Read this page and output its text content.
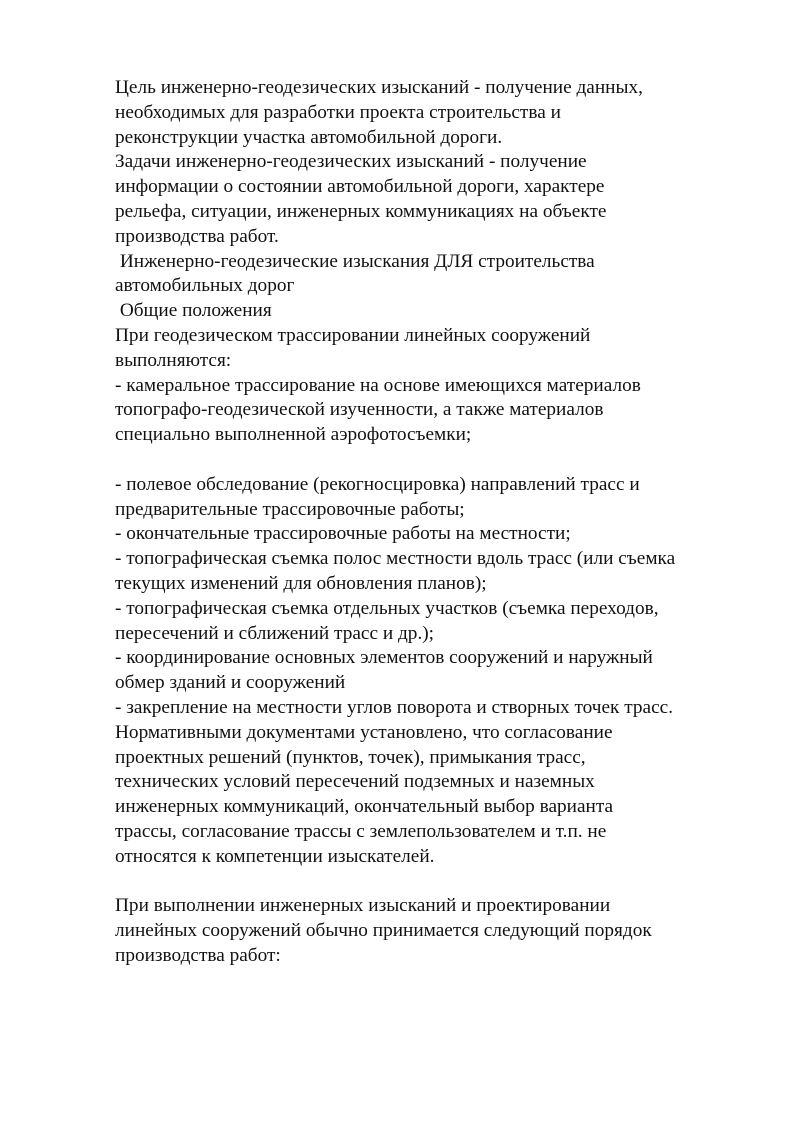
Цель инженерно-геодезических изысканий - получение данных,
необходимых для разработки проекта строительства и
реконструкции участка автомобильной дороги.
Задачи инженерно-геодезических изысканий - получение
информации о состоянии автомобильной дороги, характере
рельефа, ситуации, инженерных коммуникациях на объекте
производства работ.
Инженерно-геодезические изыскания ДЛЯ строительства
автомобильных дорог
Общие положения
При геодезическом трассировании линейных сооружений
выполняются:
- камеральное трассирование на основе имеющихся материалов
топографо-геодезической изученности, а также материалов
специально выполненной аэрофотосъемки;
- полевое обследование (рекогносцировка) направлений трасс и
предварительные трассировочные работы;
- окончательные трассировочные работы на местности;
- топографическая съемка полос местности вдоль трасс (или съемка
текущих изменений для обновления планов);
- топографическая съемка отдельных участков (съемка переходов,
пересечений и сближений трасс и др.);
- координирование основных элементов сооружений и наружный
обмер зданий и сооружений
- закрепление на местности углов поворота и створных точек трасс.
Нормативными документами установлено, что согласование
проектных решений (пунктов, точек), примыкания трасс,
технических условий пересечений подземных и наземных
инженерных коммуникаций, окончательный выбор варианта
трассы, согласование трассы с землепользователем и т.п. не
относятся к компетенции изыскателей.
При выполнении инженерных изысканий и проектировании
линейных сооружений обычно принимается следующий порядок
производства работ:
